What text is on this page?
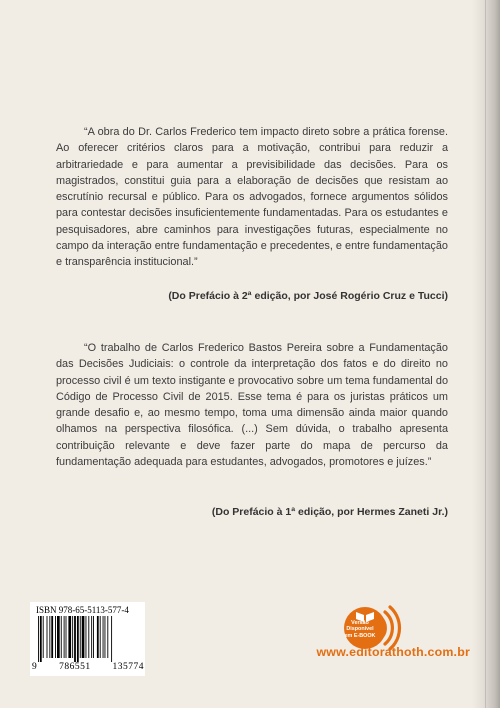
“A obra do Dr. Carlos Frederico tem impacto direto sobre a prática forense. Ao oferecer critérios claros para a motivação, contribui para reduzir a arbitrariedade e para aumentar a previsibilidade das decisões. Para os magistrados, constitui guia para a elaboração de decisões que resistam ao escrutínio recursal e público. Para os advogados, fornece argumentos sólidos para contestar decisões insuficientemente fundamentadas. Para os estudantes e pesquisadores, abre caminhos para investigações futuras, especialmente no campo da interação entre fundamentação e precedentes, e entre fundamentação e transparência institucional.”

(Do Prefácio à 2ª edição, por José Rogério Cruz e Tucci)

“O trabalho de Carlos Frederico Bastos Pereira sobre a Fundamentação das Decisões Judiciais: o controle da interpretação dos fatos e do direito no processo civil é um texto instigante e provocativo sobre um tema fundamental do Código de Processo Civil de 2015. Esse tema é para os juristas práticos um grande desafio e, ao mesmo tempo, toma uma dimensão ainda maior quando olhamos na perspectiva filosófica. (...) Sem dúvida, o trabalho apresenta contribuição relevante e deve fazer parte do mapa de percurso da fundamentação adequada para estudantes, advogados, promotores e juízes.”

(Do Prefácio à 1ª edição, por Hermes Zaneti Jr.)
ISBN 978-65-5113-577-4
9 786551 135774
Versão
Disponível
em E-BOOK
www.editorathoth.com.br
